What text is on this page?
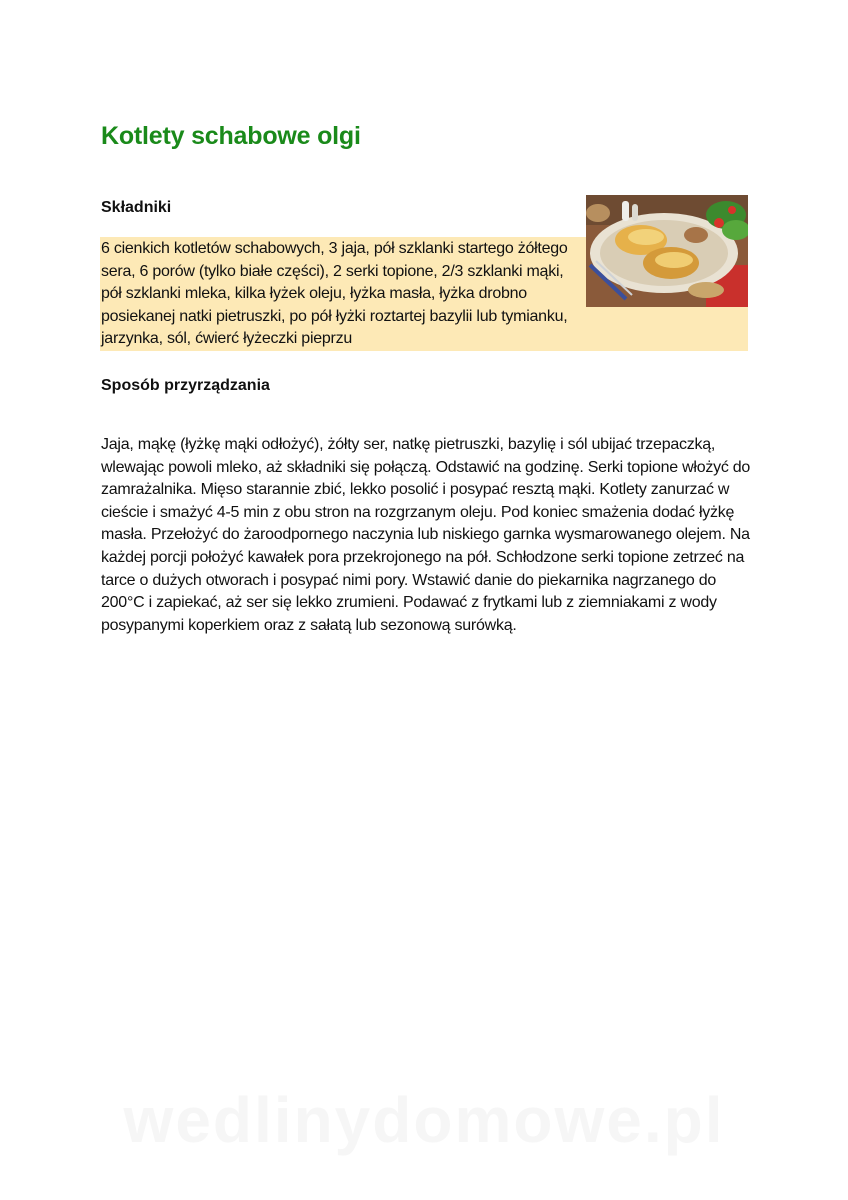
Kotlety schabowe olgi
Składniki

6 cienkich kotletów schabowych, 3 jaja, pół szklanki startego żółtego sera, 6 porów (tylko białe części), 2 serki topione, 2/3 szklanki mąki, pół szklanki mleka, kilka łyżek oleju, łyżka masła, łyżka drobno posiekanej natki pietruszki, po pół łyżki roztartej bazylii lub tymianku, jarzynka, sól, ćwierć łyżeczki pieprzu

Sposób przyrządzania

Jaja, mąkę (łyżkę mąki odłożyć), żółty ser, natkę pietruszki, bazylię i sól ubijać trzepaczką, wlewając powoli mleko, aż składniki się połączą. Odstawić na godzinę. Serki topione włożyć do zamrażalnika. Mięso starannie zbić, lekko posolić i posypać resztą mąki. Kotlety zanurzać w cieście i smażyć 4-5 min z obu stron na rozgrzanym oleju. Pod koniec smażenia dodać łyżkę masła. Przełożyć do żaroodpornego naczynia lub niskiego garnka wysmarowanego olejem. Na każdej porcji położyć kawałek pora przekrojonego na pół. Schłodzone serki topione zetrzeć na tarce o dużych otworach i posypać nimi pory. Wstawić danie do piekarnika nagrzanego do 200°C i zapiekać, aż ser się lekko zrumieni. Podawać z frytkami lub z ziemniakami z wody posypanymi koperkiem oraz z sałatą lub sezonową surówką.

wedlinydomowe.pl
